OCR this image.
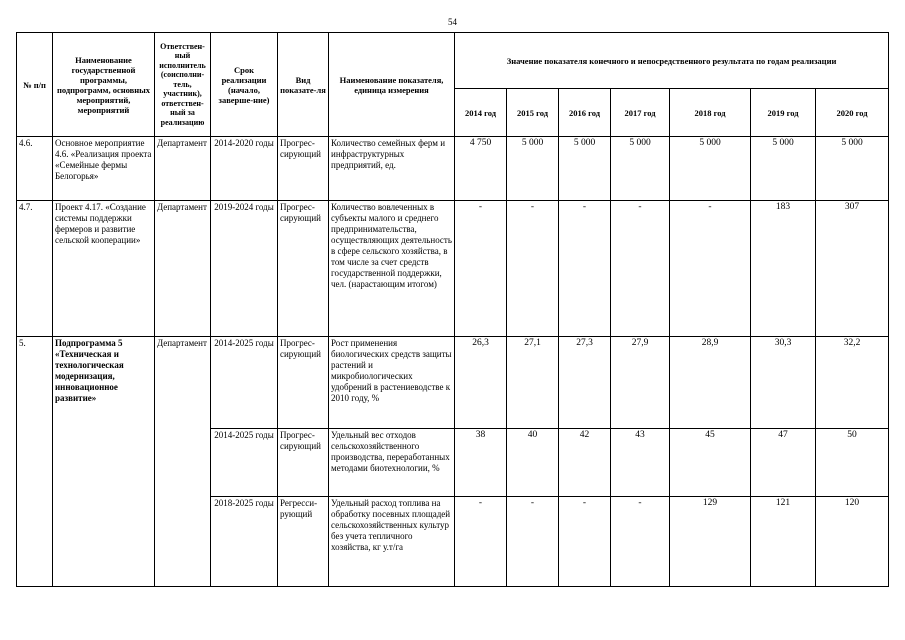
54
№ п/п	Наименование государственной программы, подпрограмм, основных мероприятий, мероприятий	Ответствен-ный исполнитель (соисполни-тель, участник), ответствен-ный за реализацию	Срок реализации (начало, заверше-ние)	Вид показате-ля	Наименование показателя, единица измерения	Значение показателя конечного и непосредственного результата по годам реализации						
						2014 год	2015 год	2016 год	2017 год	2018 год	2019 год	2020 год
4.6.	Основное мероприятие 4.6. «Реализация проекта «Семейные фермы Белогорья»	Департамент	2014-2020 годы	Прогрес-сирующий	Количество семейных ферм и инфраструктурных предприятий, ед.	4 750	5 000	5 000	5 000	5 000	5 000	5 000
4.7.	Проект 4.17. «Создание системы поддержки фермеров и развитие сельской кооперации»	Департамент	2019-2024 годы	Прогрес-сирующий	Количество вовлеченных в субъекты малого и среднего предпринимательства, осуществляющих деятельность в сфере сельского хозяйства, в том числе за счет средств государственной поддержки, чел. (нарастающим итогом)	-	-	-	-	-	183	307
5.	Подпрограмма 5 «Техническая и технологическая модернизация, инновационное развитие»	Департамент	2014-2025 годы	Прогрес-сирующий	Рост применения биологических средств защиты растений и микробиологических удобрений в растениеводстве к 2010 году, %	26,3	27,1	27,3	27,9	28,9	30,3	32,2
			2014-2025 годы	Прогрес-сирующий	Удельный вес отходов сельскохозяйственного производства, переработанных методами биотехнологии, %	38	40	42	43	45	47	50
			2018-2025 годы	Регресси-рующий	Удельный расход топлива на обработку посевных площадей сельскохозяйственных культур без учета тепличного хозяйства, кг у.т/га	-	-	-	-	129	121	120
